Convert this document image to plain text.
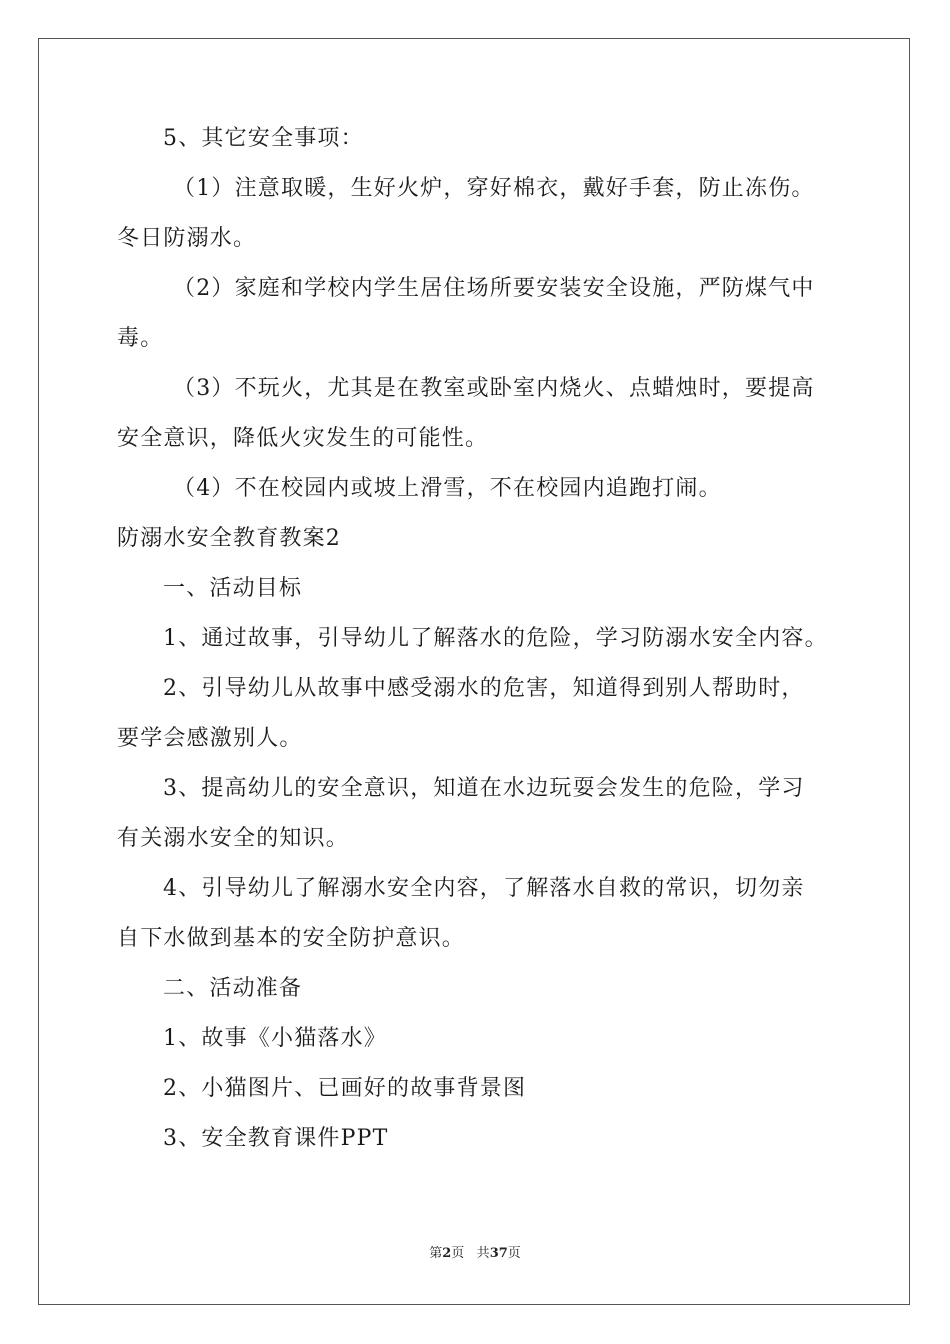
5、其它安全事项：
（1）注意取暖，生好火炉，穿好棉衣，戴好手套，防止冻伤。
冬日防溺水。
（2）家庭和学校内学生居住场所要安装安全设施，严防煤气中
毒。
（3）不玩火，尤其是在教室或卧室内烧火、点蜡烛时，要提高
安全意识，降低火灾发生的可能性。
（4）不在校园内或坡上滑雪，不在校园内追跑打闹。
防溺水安全教育教案2
一、活动目标
1、通过故事，引导幼儿了解落水的危险，学习防溺水安全内容。
2、引导幼儿从故事中感受溺水的危害，知道得到别人帮助时，
要学会感激别人。
3、提高幼儿的安全意识，知道在水边玩耍会发生的危险，学习
有关溺水安全的知识。
4、引导幼儿了解溺水安全内容，了解落水自救的常识，切勿亲
自下水做到基本的安全防护意识。
二、活动准备
1、故事《小猫落水》
2、小猫图片、已画好的故事背景图
3、安全教育课件PPT
第2页 共37页
